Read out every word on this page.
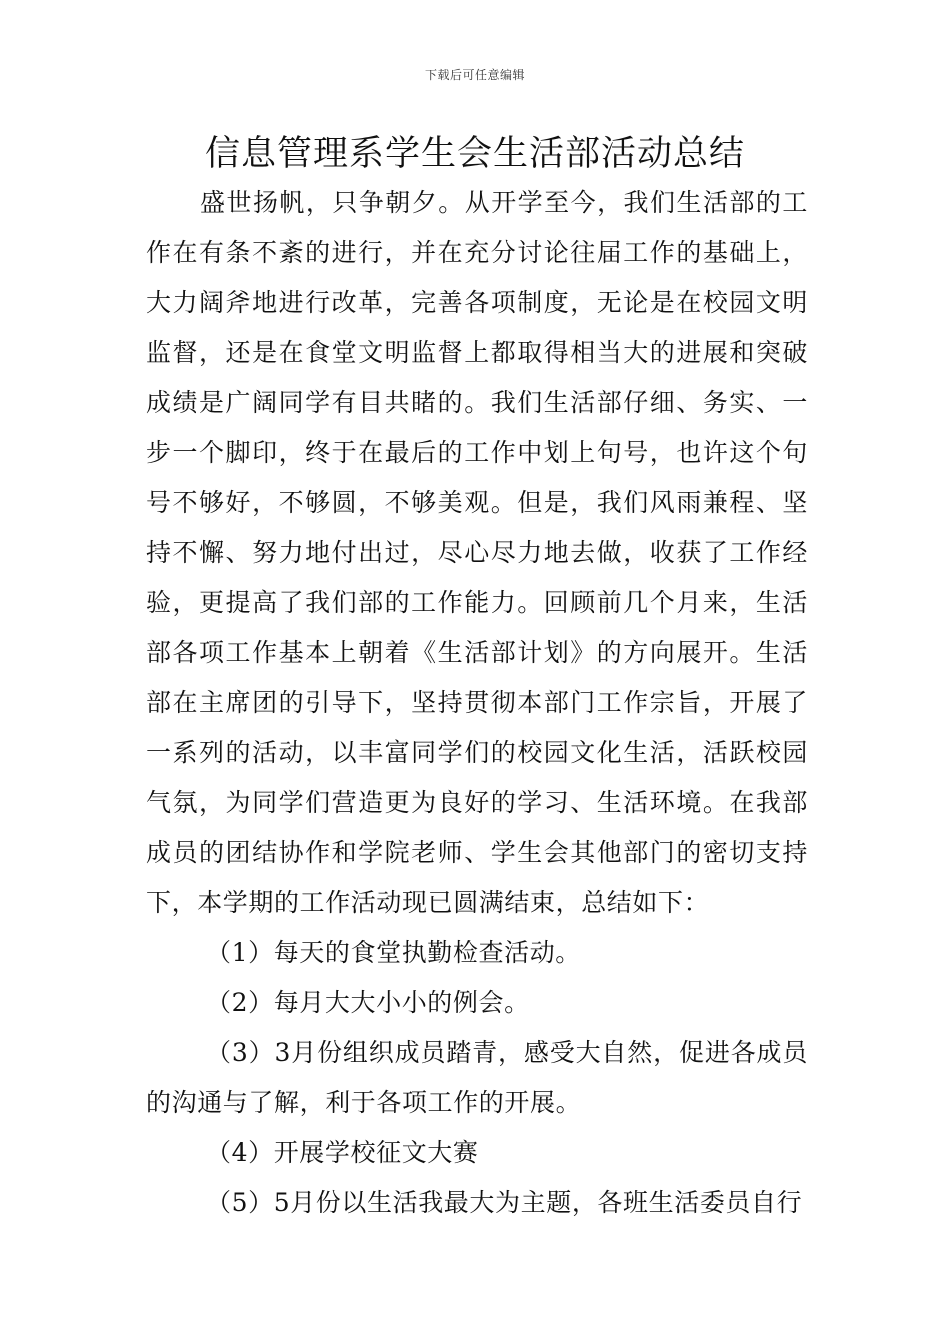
下载后可任意编辑
信息管理系学生会生活部活动总结

盛世扬帆，只争朝夕。从开学至今，我们生活部的工作在有条不紊的进行，并在充分讨论往届工作的基础上，大力阔斧地进行改革，完善各项制度，无论是在校园文明监督，还是在食堂文明监督上都取得相当大的进展和突破成绩是广阔同学有目共睹的。我们生活部仔细、务实、一步一个脚印，终于在最后的工作中划上句号，也许这个句号不够好，不够圆，不够美观。但是，我们风雨兼程、坚持不懈、努力地付出过，尽心尽力地去做，收获了工作经验，更提高了我们部的工作能力。回顾前几个月来，生活部各项工作基本上朝着《生活部计划》的方向展开。生活部在主席团的引导下，坚持贯彻本部门工作宗旨，开展了一系列的活动，以丰富同学们的校园文化生活，活跃校园气氛，为同学们营造更为良好的学习、生活环境。在我部成员的团结协作和学院老师、学生会其他部门的密切支持下，本学期的工作活动现已圆满结束，总结如下：

（1）每天的食堂执勤检查活动。

（2）每月大大小小的例会。

（3）3月份组织成员踏青，感受大自然，促进各成员的沟通与了解，利于各项工作的开展。

（4）开展学校征文大赛

（5）5月份以生活我最大为主题，各班生活委员自行
